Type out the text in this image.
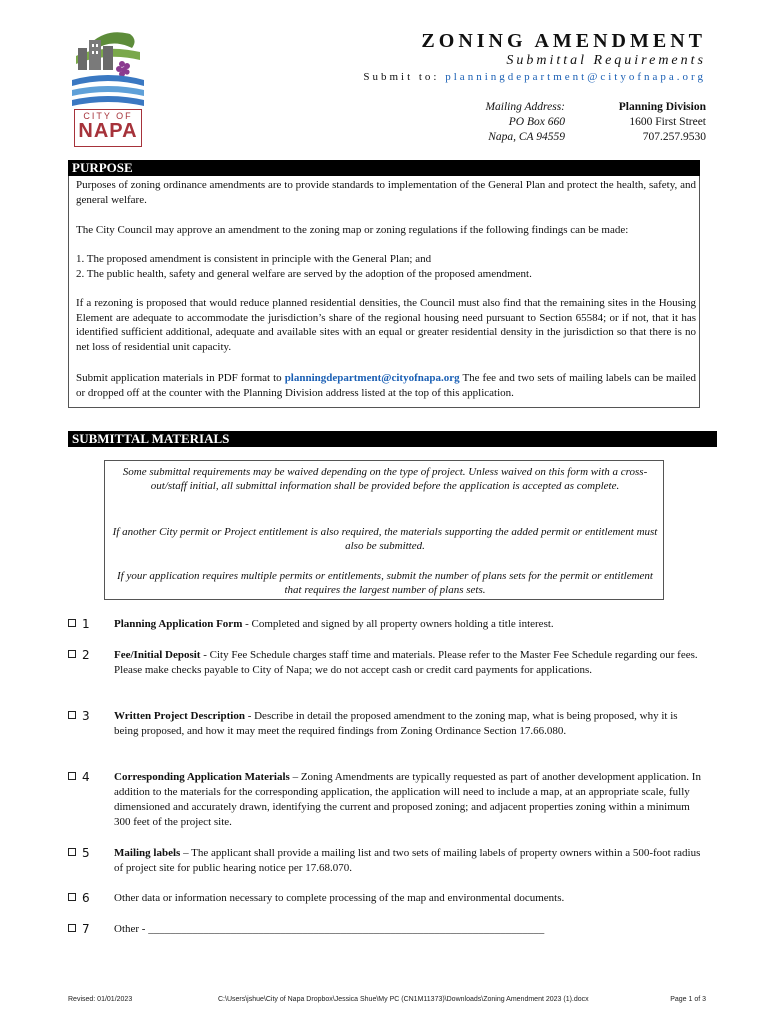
CITY OF
NAPA
ZONING AMENDMENT
Submittal Requirements
Submit to: planningdepartment@cityofnapa.org
Mailing Address:
PO Box 660
Napa, CA 94559
Planning Division
1600 First Street
707.257.9530
PURPOSE
Purposes of zoning ordinance amendments are to provide standards to implementation of the General Plan and protect the health, safety, and general welfare.
The City Council may approve an amendment to the zoning map or zoning regulations if the following findings can be made:
1. The proposed amendment is consistent in principle with the General Plan; and
2. The public health, safety and general welfare are served by the adoption of the proposed amendment.
If a rezoning is proposed that would reduce planned residential densities, the Council must also find that the remaining sites in the Housing Element are adequate to accommodate the jurisdiction’s share of the regional housing need pursuant to Section 65584; or if not, that it has identified sufficient additional, adequate and available sites with an equal or greater residential density in the jurisdiction so that there is no net loss of residential unit capacity.
Submit application materials in PDF format to planningdepartment@cityofnapa.org The fee and two sets of mailing labels can be mailed or dropped off at the counter with the Planning Division address listed at the top of this application.
SUBMITTAL MATERIALS
Some submittal requirements may be waived depending on the type of project. Unless waived on this form with a cross-out/staff initial, all submittal information shall be provided before the application is accepted as complete.
If another City permit or Project entitlement is also required, the materials supporting the added permit or entitlement must also be submitted.
If your application requires multiple permits or entitlements, submit the number of plans sets for the permit or entitlement that requires the largest number of plans sets.
1 Planning Application Form - Completed and signed by all property owners holding a title interest.
2 Fee/Initial Deposit - City Fee Schedule charges staff time and materials. Please refer to the Master Fee Schedule regarding our fees. Please make checks payable to City of Napa; we do not accept cash or credit card payments for applications.
3 Written Project Description - Describe in detail the proposed amendment to the zoning map, what is being proposed, why it is being proposed, and how it may meet the required findings from Zoning Ordinance Section 17.66.080.
4 Corresponding Application Materials – Zoning Amendments are typically requested as part of another development application. In addition to the materials for the corresponding application, the application will need to include a map, at an appropriate scale, fully dimensioned and accurately drawn, identifying the current and proposed zoning; and adjacent properties zoning within a minimum 300 feet of the project site.
5 Mailing labels – The applicant shall provide a mailing list and two sets of mailing labels of property owners within a 500-foot radius of project site for public hearing notice per 17.68.070.
6 Other data or information necessary to complete processing of the map and environmental documents.
7 Other - ________________________________________________________________________
Revised: 01/01/2023	C:\Users\jshue\City of Napa Dropbox\Jessica Shue\My PC (CN1M11373)\Downloads\Zoning Amendment 2023 (1).docx	Page 1 of 3
